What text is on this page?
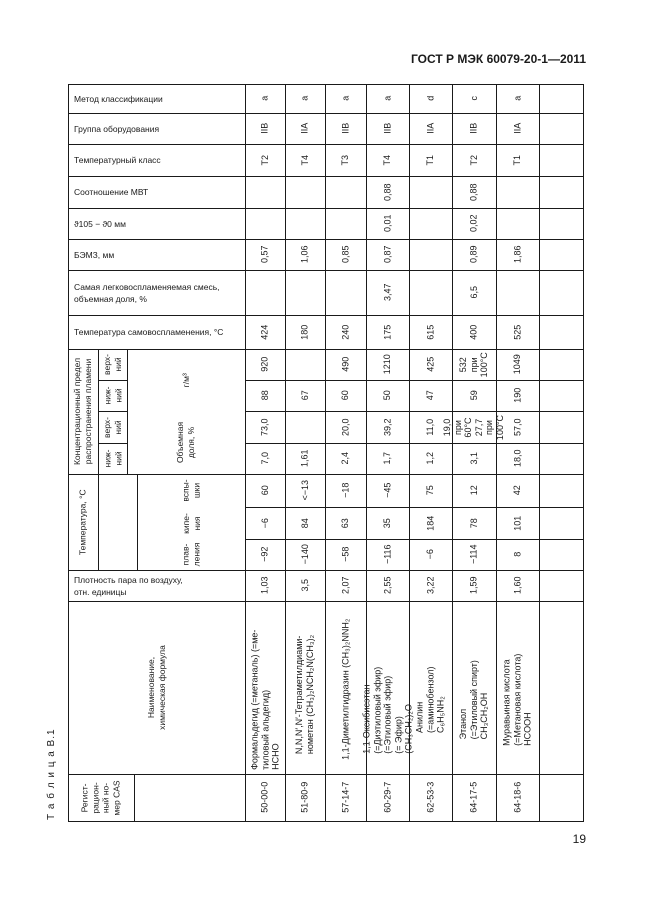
ГОСТ Р МЭК 60079-20-1—2011
Т а б л и ц а В.1
Метод классификации
Группа оборудования
Температурный класс
Соотношение МВТ
ϑ105 − ϑ0 мм
БЭМЗ, мм
Самая легковоспламеняемая смесь,
объемная доля, %
Температура самовоспламенения, °C
Плотность пара по воздуху,
отн. единицы
Концентрационный предел распространения пламени верх- ний
ниж- ний
г/м³
верх- ний
ниж- ний	Объемная доля, %
Температура, °C	вспы- шки
кипе- ния
плав- ления
Наименование, химическая формула
Регист- рацион- ный но- мер CAS
a
IIB
T2
0,57
424
920
88
73,0
7,0
60
−6
−92
1,03
Формальдегид (=метаналь) (=ме- тиловый альдегид) HCHO
50-00-0
a
IIA
T4
1,06
180
67
1,61
<−13
84
−140
3,5
N,N,N′,N′-Тетраметилдиами- нометан (CH₃)₂NCH₂N(CH₃)₂
51-80-9
a
IIB
T3
0,85
240
490
60
20,0
2,4
−18
63
−58
2,07
1,1-Диметилгидразин (CH₃)₂NNH₂
57-14-7
a
IIB
T4
0,88
0,01
0,87
3,47
175
1210
50
39,2
1,7
−45
35
−116
2,55
1,1-Оксибисэтан (=Диэтиловый эфир) (=Этиловый эфир) (= Эфир) (CH₃CH₂)₂O
60-29-7
d
IIA
T1
615
425
47
11,0
1,2
75
184
−6
3,22
Анилин (=аминобензол) C₆H₅NH₂
62-53-3
c
IIB
T2
0,88
0,02
0,89
6,5
400
532 при 100°C
59
19,0 при 60°C 27,7 при 100°C
3,1
12
78
−114
1,59
Этанол (=Этиловый спирт) CH₃CH₂OH
64-17-5
a
IIA
T1
1,86
525
1049
190
57,0
18,0
42
101
8
1,60
Муравьиная кислота (=Метановая кислота) HCOOH
64-18-6
19
